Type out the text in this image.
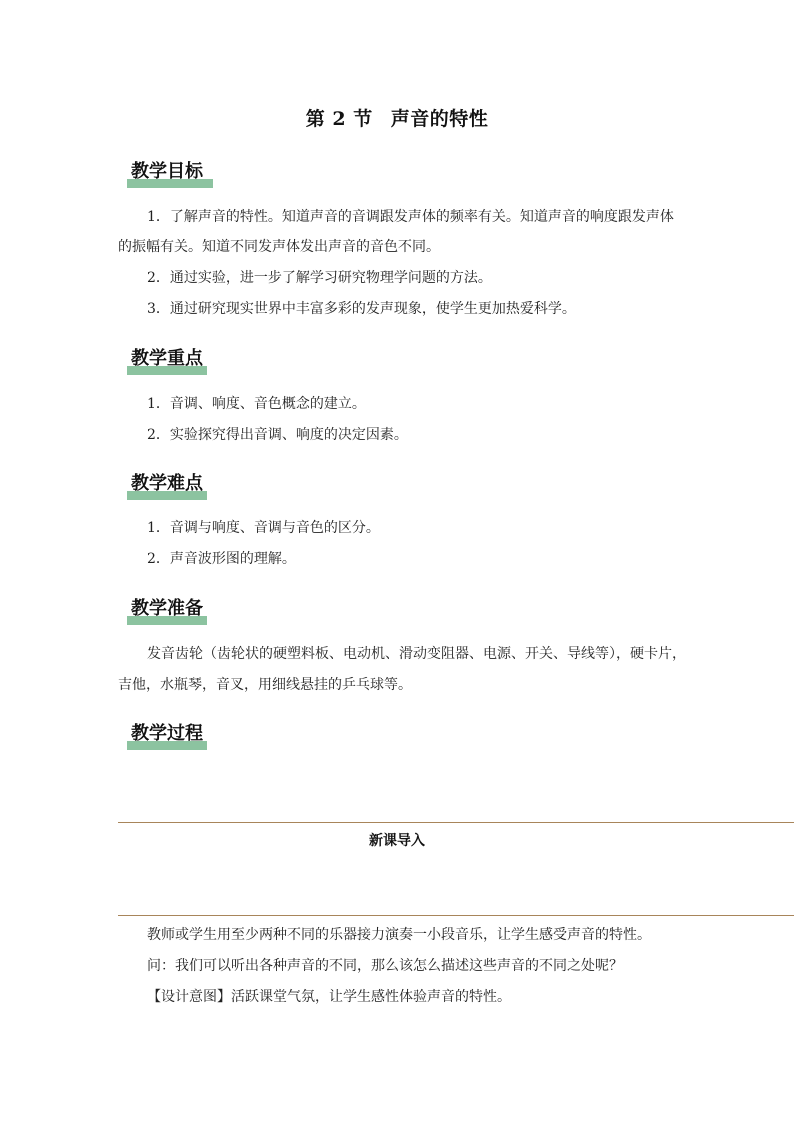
第 2 节 声音的特性
教学目标
1．了解声音的特性。知道声音的音调跟发声体的频率有关。知道声音的响度跟发声体
的振幅有关。知道不同发声体发出声音的音色不同。
2．通过实验，进一步了解学习研究物理学问题的方法。
3．通过研究现实世界中丰富多彩的发声现象，使学生更加热爱科学。
教学重点
1．音调、响度、音色概念的建立。
2．实验探究得出音调、响度的决定因素。
教学难点
1．音调与响度、音调与音色的区分。
2．声音波形图的理解。
教学准备
发音齿轮（齿轮状的硬塑料板、电动机、滑动变阻器、电源、开关、导线等），硬卡片，
吉他，水瓶琴，音叉，用细线悬挂的乒乓球等。
教学过程
新课导入
教师或学生用至少两种不同的乐器接力演奏一小段音乐，让学生感受声音的特性。
问：我们可以听出各种声音的不同，那么该怎么描述这些声音的不同之处呢？
【设计意图】活跃课堂气氛，让学生感性体验声音的特性。
